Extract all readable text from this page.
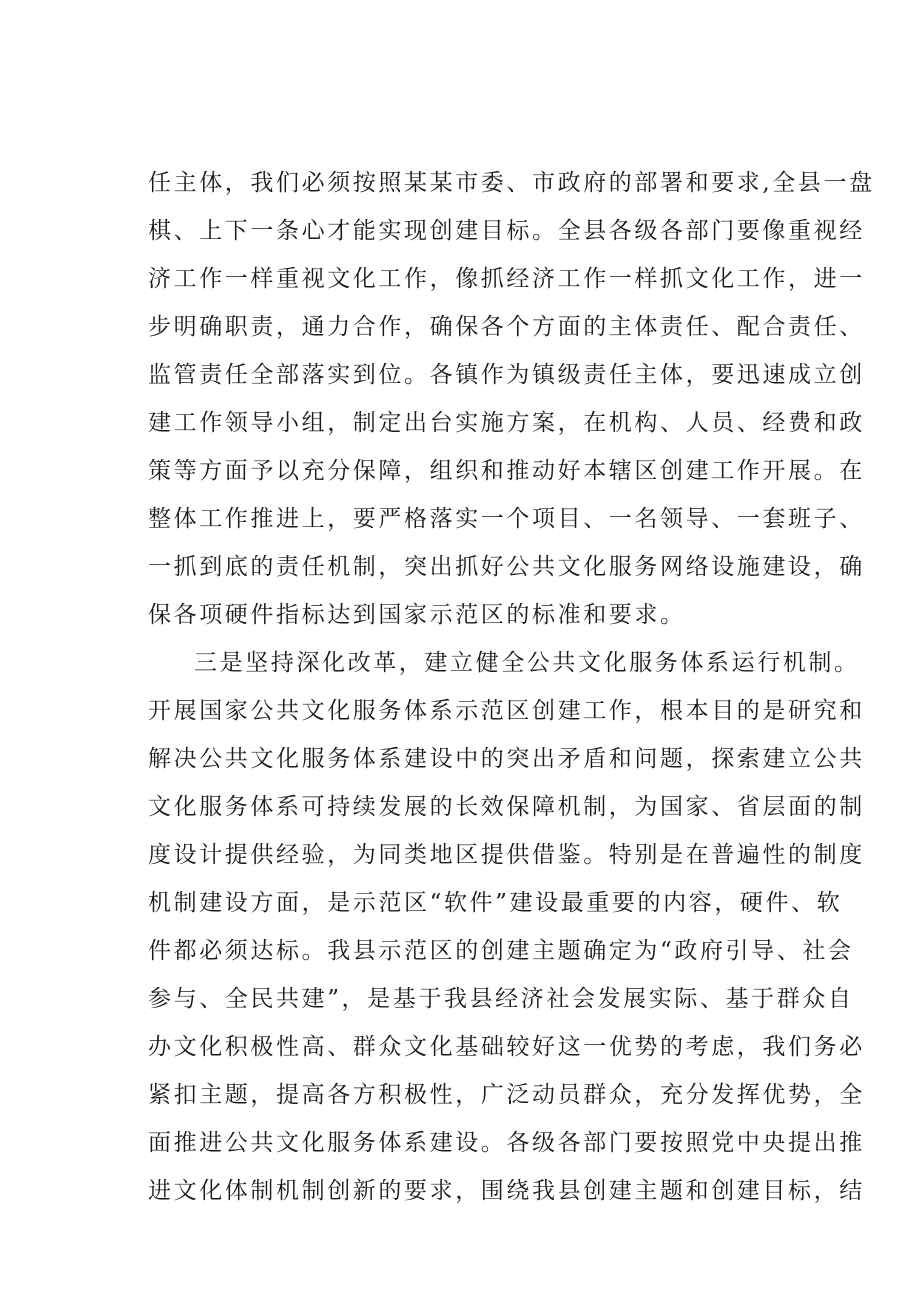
任主体，我们必须按照某某市委、市政府的部署和要求,全县一盘
棋、上下一条心才能实现创建目标。全县各级各部门要像重视经
济工作一样重视文化工作，像抓经济工作一样抓文化工作，进一
步明确职责，通力合作，确保各个方面的主体责任、配合责任、
监管责任全部落实到位。各镇作为镇级责任主体，要迅速成立创
建工作领导小组，制定出台实施方案，在机构、人员、经费和政
策等方面予以充分保障，组织和推动好本辖区创建工作开展。在
整体工作推进上，要严格落实一个项目、一名领导、一套班子、
一抓到底的责任机制，突出抓好公共文化服务网络设施建设，确
保各项硬件指标达到国家示范区的标准和要求。
三是坚持深化改革，建立健全公共文化服务体系运行机制。
开展国家公共文化服务体系示范区创建工作，根本目的是研究和
解决公共文化服务体系建设中的突出矛盾和问题，探索建立公共
文化服务体系可持续发展的长效保障机制，为国家、省层面的制
度设计提供经验，为同类地区提供借鉴。特别是在普遍性的制度
机制建设方面，是示范区“软件”建设最重要的内容，硬件、软
件都必须达标。我县示范区的创建主题确定为“政府引导、社会
参与、全民共建”，是基于我县经济社会发展实际、基于群众自
办文化积极性高、群众文化基础较好这一优势的考虑，我们务必
紧扣主题，提高各方积极性，广泛动员群众，充分发挥优势，全
面推进公共文化服务体系建设。各级各部门要按照党中央提出推
进文化体制机制创新的要求，围绕我县创建主题和创建目标，结
